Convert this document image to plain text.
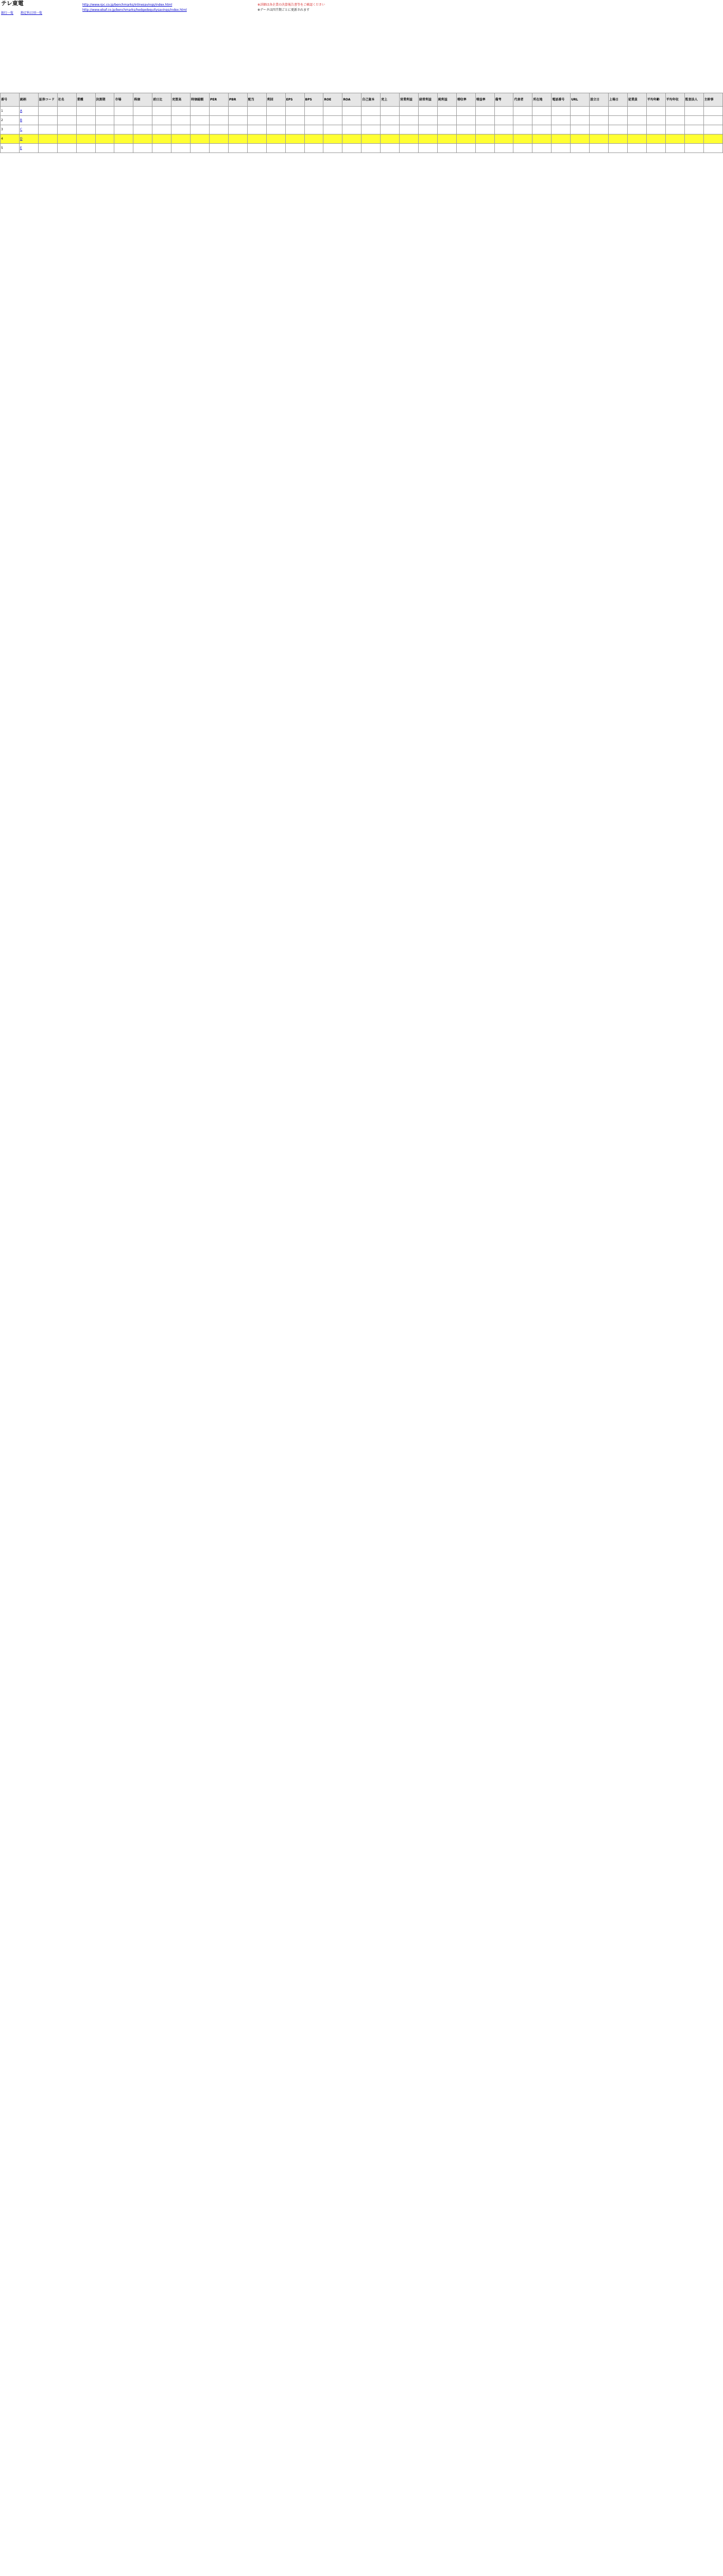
テレ東電
銀行一覧 勘定科目別一覧
http://www.rpc.co.jp/benchmarks/inlinesavings/index.html
http://www.ebaf.co.jp/benchmarks/hedgedequitysavings/index.html
※詳細は各企業の決算報告書等をご確認ください
※データは四半期ごとに更新されます
番号	銘柄	証券コード	社名	業種	決算期	市場	株価	前日比	売買高	時価総額	PER	PBR	配当	利回	EPS	BPS	ROE	ROA	自己資本	売上	営業利益	経常利益	純利益	増収率	増益率	備考	代表者	所在地	電話番号	URL	設立日	上場日	従業員	平均年齢	平均年収	監査法人	主幹事
1	A																																				
2	B																																				
3	C																																				
4	D																																				
5	E																																				
